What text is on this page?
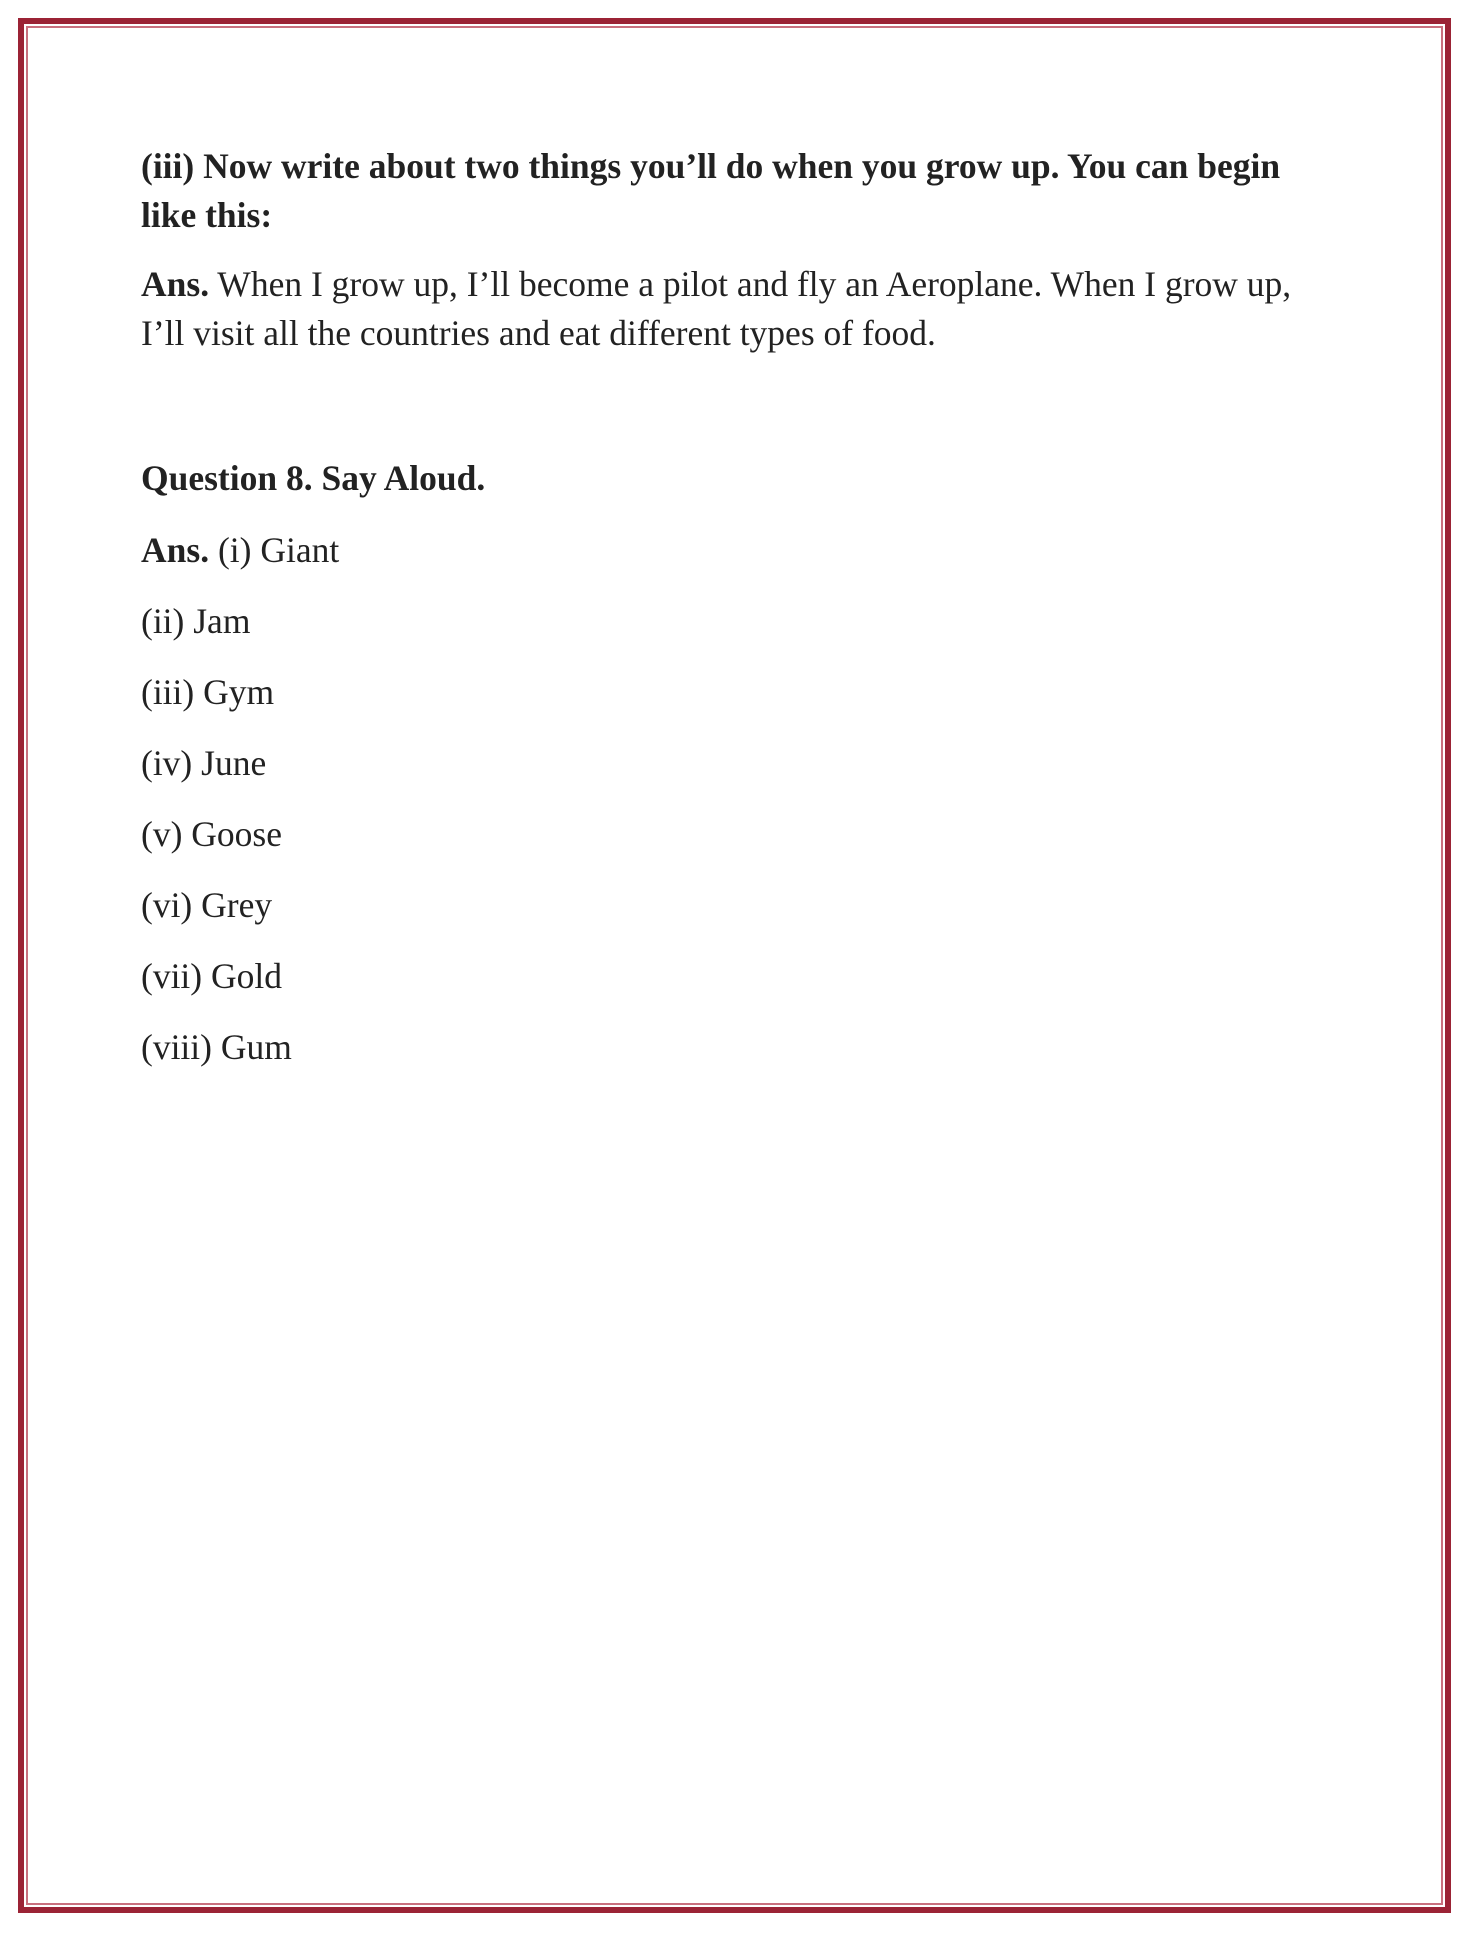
(iii) Now write about two things you’ll do when you grow up. You can begin like this:

Ans. When I grow up, I’ll become a pilot and fly an Aeroplane. When I grow up, I’ll visit all the countries and eat different types of food.

Question 8. Say Aloud.

Ans. (i) Giant

(ii) Jam

(iii) Gym

(iv) June

(v) Goose

(vi) Grey

(vii) Gold

(viii) Gum
